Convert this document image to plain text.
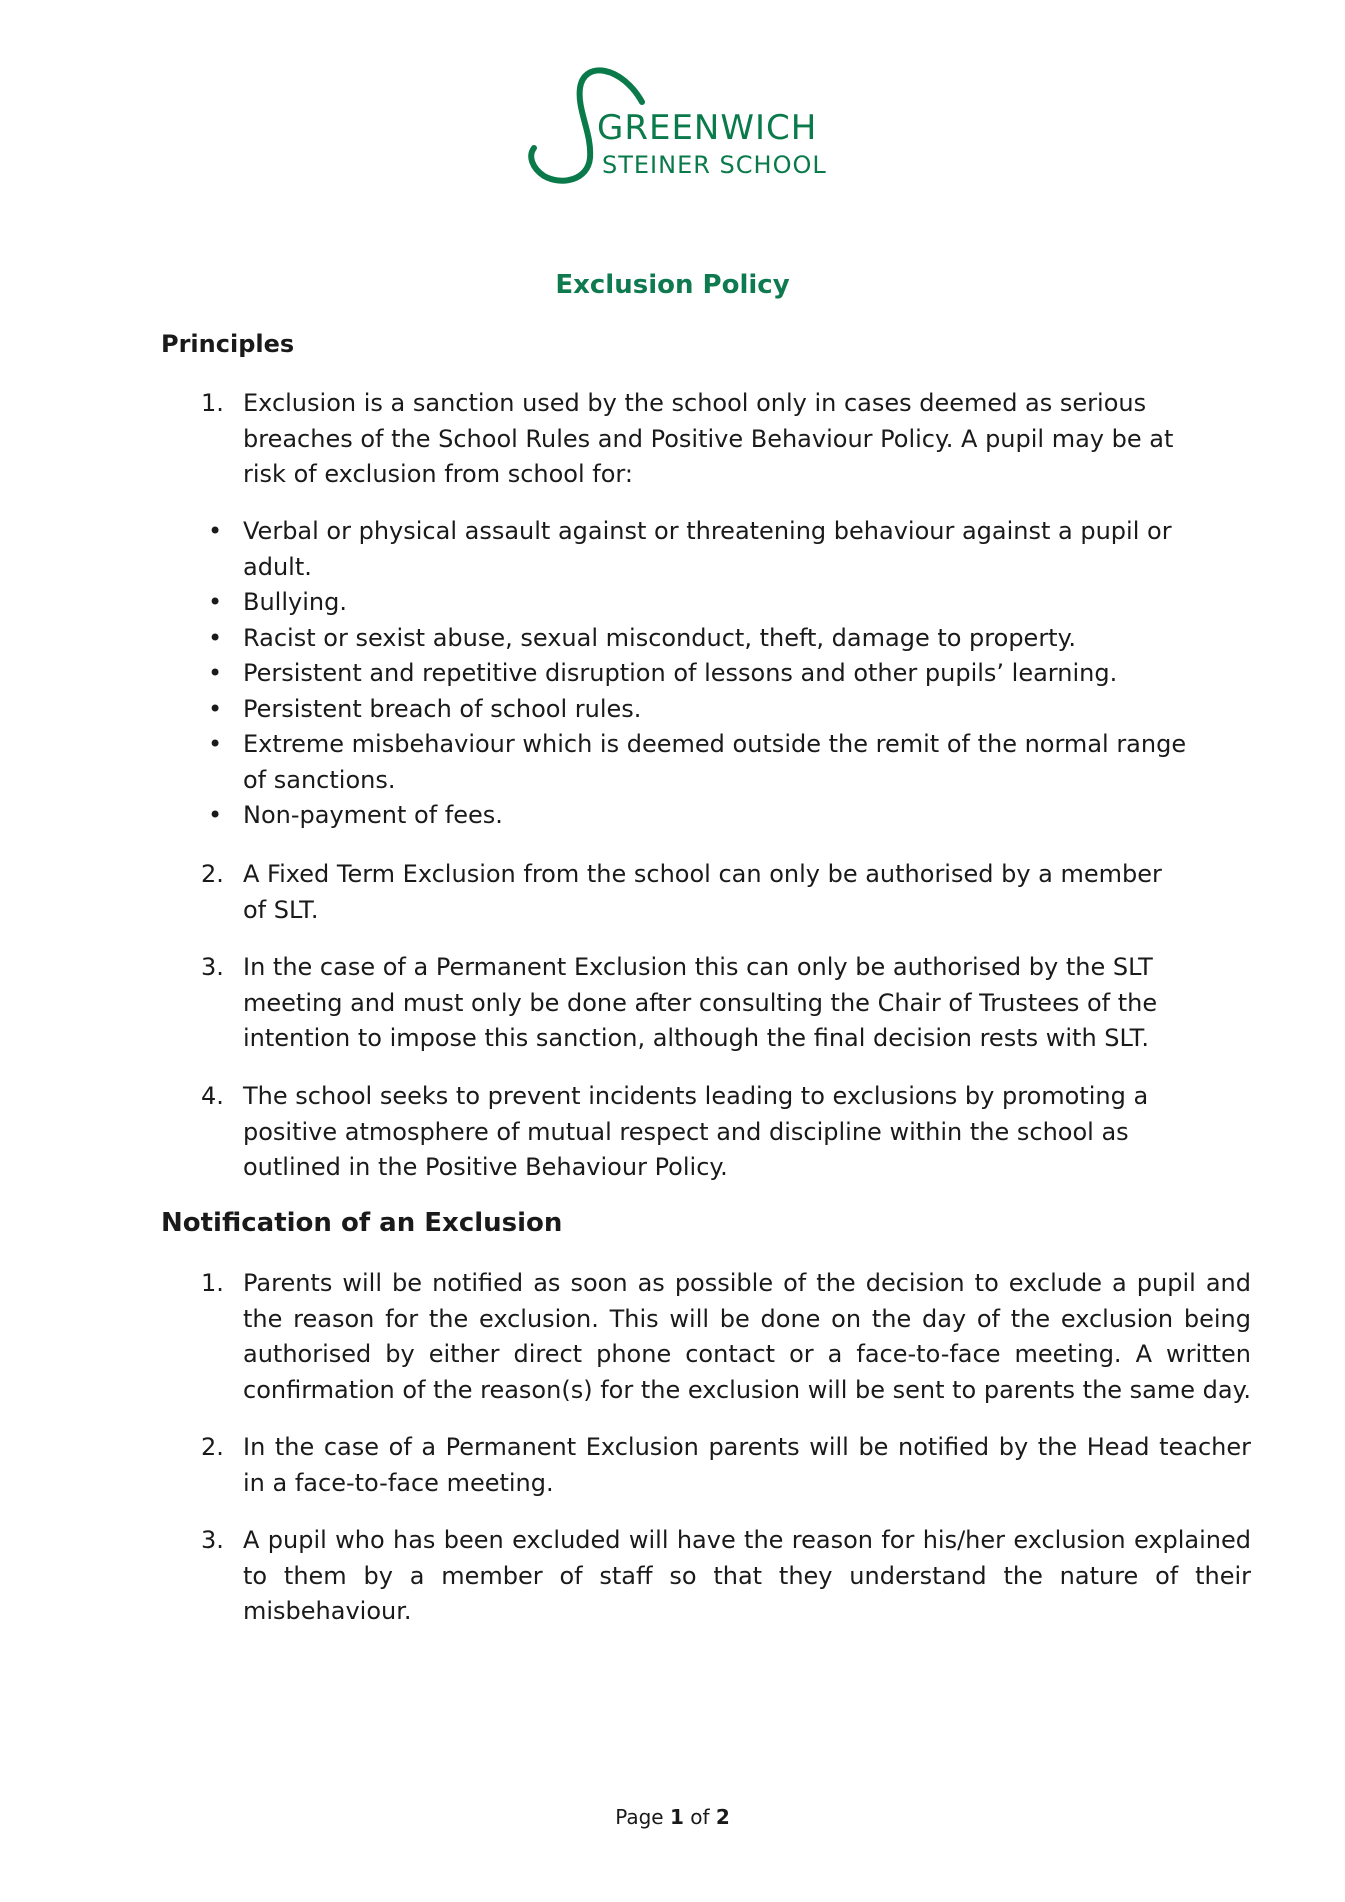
GREENWICH
STEINER SCHOOL
Exclusion Policy
Principles
1. Exclusion is a sanction used by the school only in cases deemed as serious breaches of the School Rules and Positive Behaviour Policy. A pupil may be at risk of exclusion from school for:
• Verbal or physical assault against or threatening behaviour against a pupil or adult.
• Bullying.
• Racist or sexist abuse, sexual misconduct, theft, damage to property.
• Persistent and repetitive disruption of lessons and other pupils’ learning.
• Persistent breach of school rules.
• Extreme misbehaviour which is deemed outside the remit of the normal range of sanctions.
• Non-payment of fees.
2. A Fixed Term Exclusion from the school can only be authorised by a member of SLT.
3. In the case of a Permanent Exclusion this can only be authorised by the SLT meeting and must only be done after consulting the Chair of Trustees of the intention to impose this sanction, although the final decision rests with SLT.
4. The school seeks to prevent incidents leading to exclusions by promoting a positive atmosphere of mutual respect and discipline within the school as outlined in the Positive Behaviour Policy.
Notification of an Exclusion
1. Parents will be notified as soon as possible of the decision to exclude a pupil and the reason for the exclusion. This will be done on the day of the exclusion being authorised by either direct phone contact or a face-to-face meeting. A written confirmation of the reason(s) for the exclusion will be sent to parents the same day.
2. In the case of a Permanent Exclusion parents will be notified by the Head teacher in a face-to-face meeting.
3. A pupil who has been excluded will have the reason for his/her exclusion explained to them by a member of staff so that they understand the nature of their misbehaviour.
Page 1 of 2
